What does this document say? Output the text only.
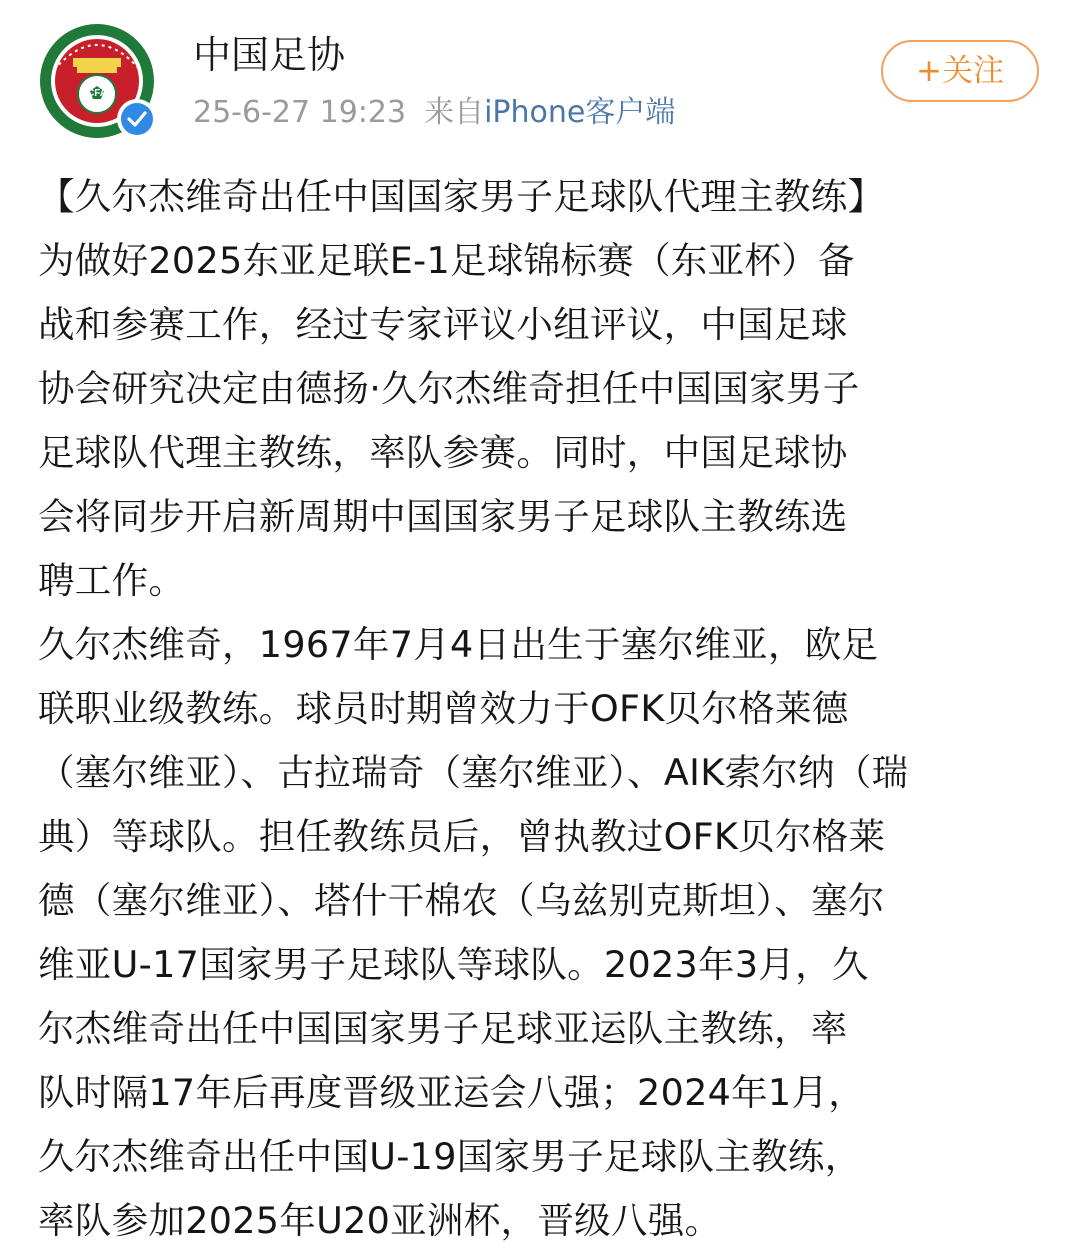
CFA
中国足协
25-6-27 19:23 来自iPhone客户端
+关注
【久尔杰维奇出任中国国家男子足球队代理主教练】
为做好2025东亚足联E-1足球锦标赛（东亚杯）备
战和参赛工作，经过专家评议小组评议，中国足球
协会研究决定由德扬·久尔杰维奇担任中国国家男子
足球队代理主教练，率队参赛。同时，中国足球协
会将同步开启新周期中国国家男子足球队主教练选
聘工作。
久尔杰维奇，1967年7月4日出生于塞尔维亚，欧足
联职业级教练。球员时期曾效力于OFK贝尔格莱德
（塞尔维亚）、古拉瑞奇（塞尔维亚）、AIK索尔纳（瑞
典）等球队。担任教练员后，曾执教过OFK贝尔格莱
德（塞尔维亚）、塔什干棉农（乌兹别克斯坦）、塞尔
维亚U-17国家男子足球队等球队。2023年3月，久
尔杰维奇出任中国国家男子足球亚运队主教练，率
队时隔17年后再度晋级亚运会八强；2024年1月，
久尔杰维奇出任中国U-19国家男子足球队主教练，
率队参加2025年U20亚洲杯，晋级八强。
